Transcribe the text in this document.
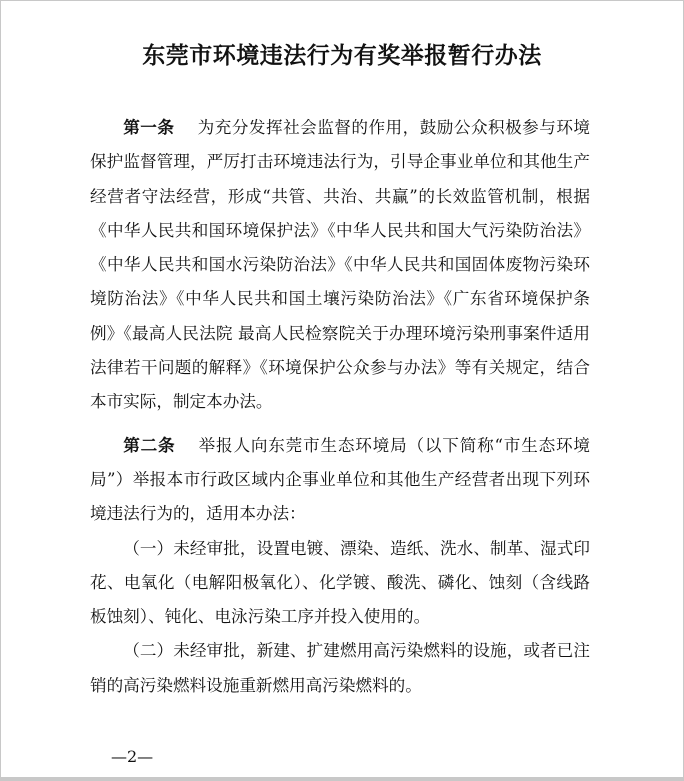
东莞市环境违法行为有奖举报暂行办法

第一条 为充分发挥社会监督的作用，鼓励公众积极参与环境保护监督管理，严厉打击环境违法行为，引导企事业单位和其他生产经营者守法经营，形成“共管、共治、共赢”的长效监管机制，根据《中华人民共和国环境保护法》《中华人民共和国大气污染防治法》《中华人民共和国水污染防治法》《中华人民共和国固体废物污染环境防治法》《中华人民共和国土壤污染防治法》《广东省环境保护条例》《最高人民法院 最高人民检察院关于办理环境污染刑事案件适用法律若干问题的解释》《环境保护公众参与办法》等有关规定，结合本市实际，制定本办法。

第二条 举报人向东莞市生态环境局（以下简称“市生态环境局”）举报本市行政区域内企事业单位和其他生产经营者出现下列环境违法行为的，适用本办法：

（一）未经审批，设置电镀、漂染、造纸、洗水、制革、湿式印花、电氧化（电解阳极氧化）、化学镀、酸洗、磷化、蚀刻（含线路板蚀刻）、钝化、电泳污染工序并投入使用的。

（二）未经审批，新建、扩建燃用高污染燃料的设施，或者已注销的高污染燃料设施重新燃用高污染燃料的。

—2—
